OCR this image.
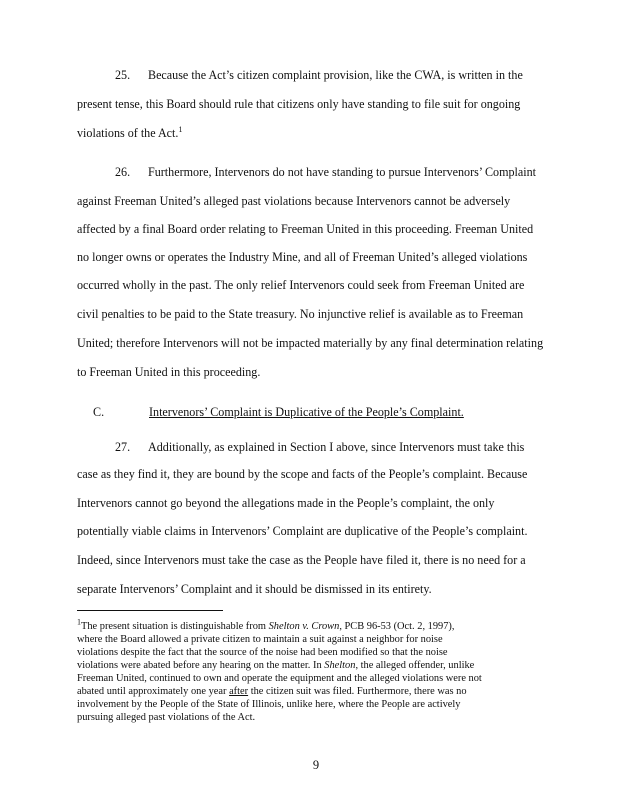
25. Because the Act’s citizen complaint provision, like the CWA, is written in the
present tense, this Board should rule that citizens only have standing to file suit for ongoing
violations of the Act.$^1$
26. Furthermore, Intervenors do not have standing to pursue Intervenors’ Complaint
against Freeman United’s alleged past violations because Intervenors cannot be adversely
affected by a final Board order relating to Freeman United in this proceeding. Freeman United
no longer owns or operates the Industry Mine, and all of Freeman United’s alleged violations
occurred wholly in the past. The only relief Intervenors could seek from Freeman United are
civil penalties to be paid to the State treasury. No injunctive relief is available as to Freeman
United; therefore Intervenors will not be impacted materially by any final determination relating
to Freeman United in this proceeding.
C.	Intervenors’ Complaint is Duplicative of the People’s Complaint.
27. Additionally, as explained in Section I above, since Intervenors must take this
case as they find it, they are bound by the scope and facts of the People’s complaint. Because
Intervenors cannot go beyond the allegations made in the People’s complaint, the only
potentially viable claims in Intervenors’ Complaint are duplicative of the People’s complaint.
Indeed, since Intervenors must take the case as the People have filed it, there is no need for a
separate Intervenors’ Complaint and it should be dismissed in its entirety.
$^1$The present situation is distinguishable from Shelton v. Crown, PCB 96-53 (Oct. 2, 1997),
where the Board allowed a private citizen to maintain a suit against a neighbor for noise
violations despite the fact that the source of the noise had been modified so that the noise
violations were abated before any hearing on the matter. In Shelton, the alleged offender, unlike
Freeman United, continued to own and operate the equipment and the alleged violations were not
abated until approximately one year after the citizen suit was filed. Furthermore, there was no
involvement by the People of the State of Illinois, unlike here, where the People are actively
pursuing alleged past violations of the Act.
9
